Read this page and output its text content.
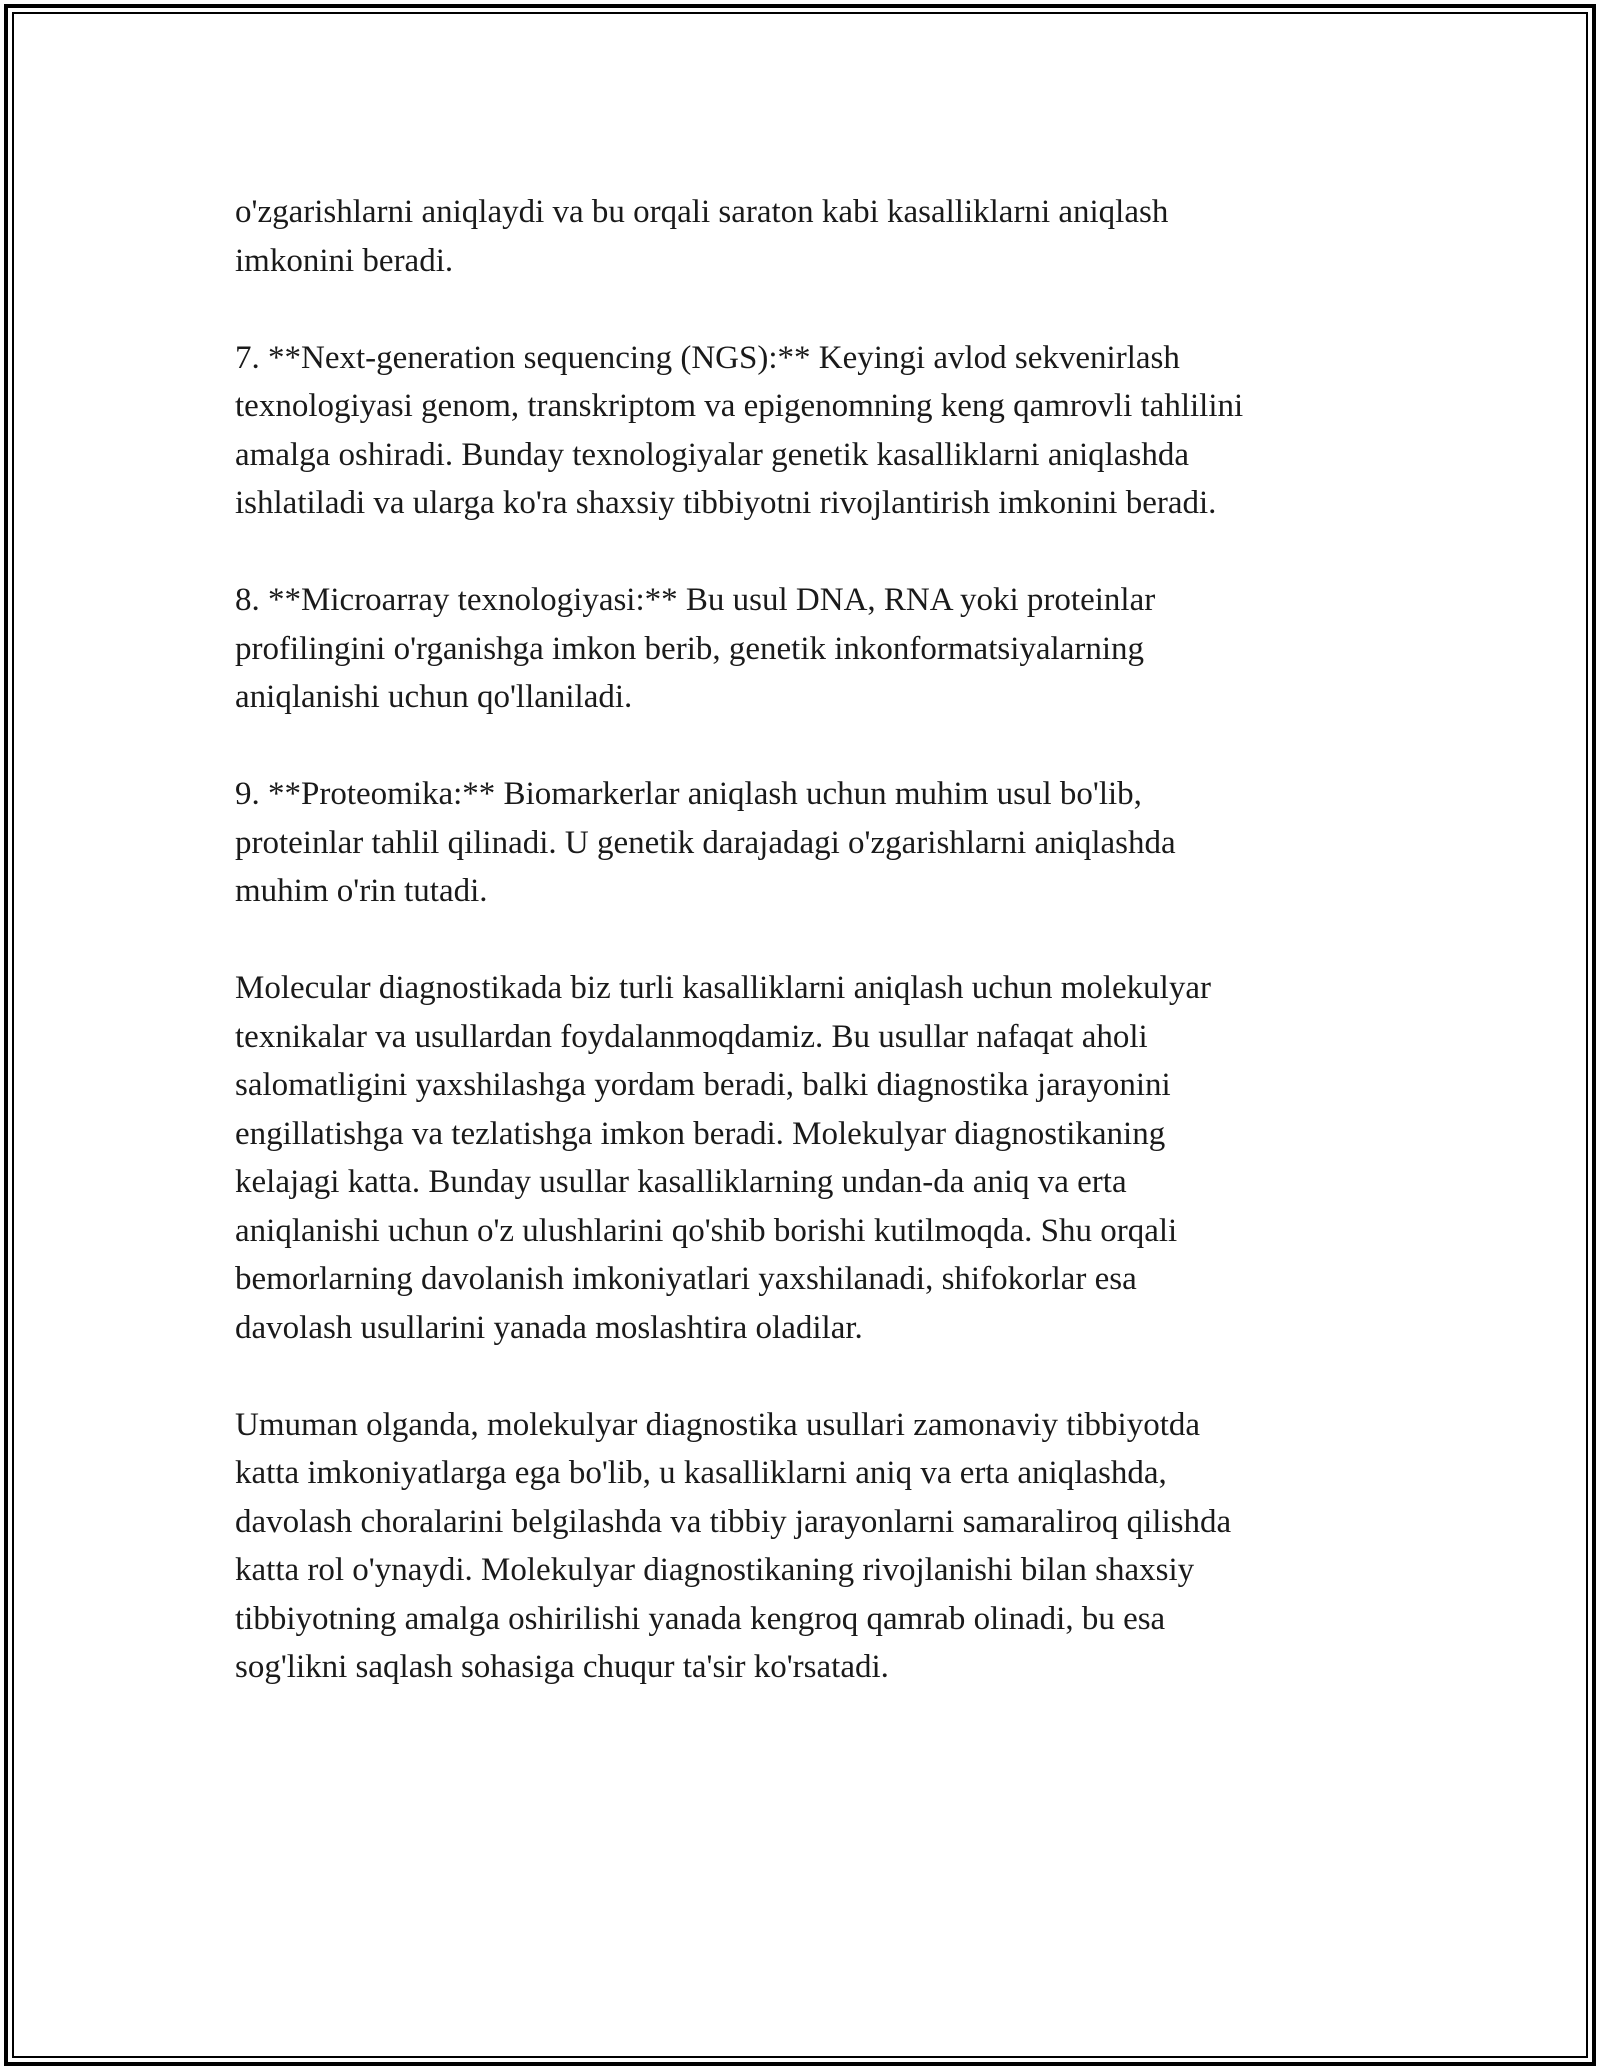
o'zgarishlarni aniqlaydi va bu orqali saraton kabi kasalliklarni aniqlash
imkonini beradi.

7. **Next-generation sequencing (NGS):** Keyingi avlod sekvenirlash
texnologiyasi genom, transkriptom va epigenomning keng qamrovli tahlilini
amalga oshiradi. Bunday texnologiyalar genetik kasalliklarni aniqlashda
ishlatiladi va ularga ko'ra shaxsiy tibbiyotni rivojlantirish imkonini beradi.

8. **Microarray texnologiyasi:** Bu usul DNA, RNA yoki proteinlar
profilingini o'rganishga imkon berib, genetik inkonformatsiyalarning
aniqlanishi uchun qo'llaniladi.

9. **Proteomika:** Biomarkerlar aniqlash uchun muhim usul bo'lib,
proteinlar tahlil qilinadi. U genetik darajadagi o'zgarishlarni aniqlashda
muhim o'rin tutadi.

Molecular diagnostikada biz turli kasalliklarni aniqlash uchun molekulyar
texnikalar va usullardan foydalanmoqdamiz. Bu usullar nafaqat aholi
salomatligini yaxshilashga yordam beradi, balki diagnostika jarayonini
engillatishga va tezlatishga imkon beradi. Molekulyar diagnostikaning
kelajagi katta. Bunday usullar kasalliklarning undan-da aniq va erta
aniqlanishi uchun o'z ulushlarini qo'shib borishi kutilmoqda. Shu orqali
bemorlarning davolanish imkoniyatlari yaxshilanadi, shifokorlar esa
davolash usullarini yanada moslashtira oladilar.

Umuman olganda, molekulyar diagnostika usullari zamonaviy tibbiyotda
katta imkoniyatlarga ega bo'lib, u kasalliklarni aniq va erta aniqlashda,
davolash choralarini belgilashda va tibbiy jarayonlarni samaraliroq qilishda
katta rol o'ynaydi. Molekulyar diagnostikaning rivojlanishi bilan shaxsiy
tibbiyotning amalga oshirilishi yanada kengroq qamrab olinadi, bu esa
sog'likni saqlash sohasiga chuqur ta'sir ko'rsatadi.
